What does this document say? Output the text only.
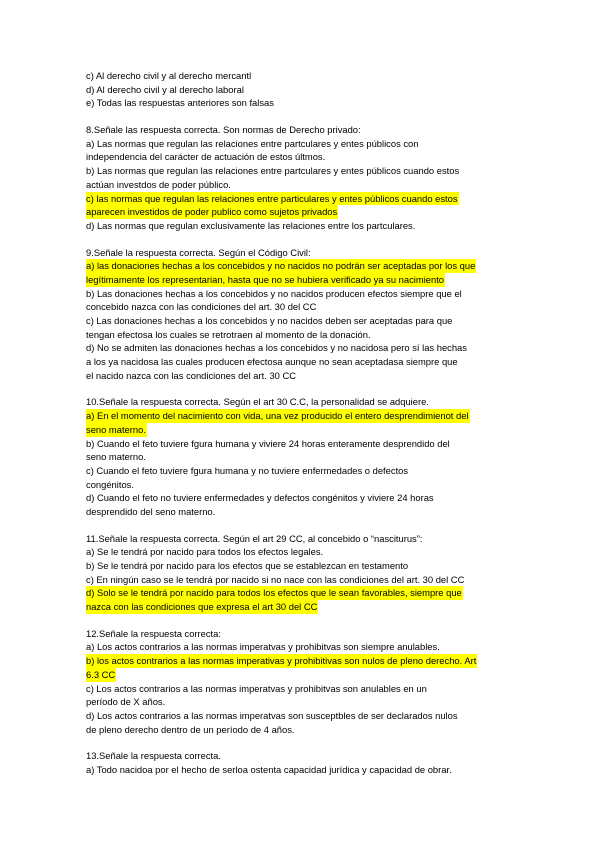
c) Al derecho civil y al derecho mercantl
d) Al derecho civil y al derecho laboral
e) Todas las respuestas anteriores son falsas
8.Señale las respuesta correcta. Son normas de Derecho privado:
a) Las normas que regulan las relaciones entre partculares y entes públicos con
independencia del carácter de actuación de estos últmos.
b) Las normas que regulan las relaciones entre partculares y entes públicos cuando estos
actúan investdos de poder público.
c) las normas que regulan las relaciones entre particulares y entes públicos cuando estos
aparecen investidos de poder publico como sujetos privados
d) Las normas que regulan exclusivamente las relaciones entre los partculares.
9.Señale la respuesta correcta. Según el Código Civil:
a) las donaciones hechas a los concebidos y no nacidos no podrán ser aceptadas por los que
legítimamente los representarian, hasta que no se hubiera verificado ya su nacimiento
b) Las donaciones hechas a los concebidos y no nacidos producen efectos siempre que el
concebido nazca con las condiciones del art. 30 del CC
c) Las donaciones hechas a los concebidos y no nacidos deben ser aceptadas para que
tengan efectosa los cuales se retrotraen al momento de la donación.
d) No se admiten las donaciones hechas a los concebidos y no nacidosa pero sí las hechas
a los ya nacidosa las cuales producen efectosa aunque no sean aceptadasa siempre que
el nacido nazca con las condiciones del art. 30 CC
10.Señale la respuesta correcta. Según el art 30 C.C, la personalidad se adquiere.
a) En el momento del nacimiento con vida, una vez producido el entero desprendimienot del
seno materno.
b) Cuando el feto tuviere fgura humana y viviere 24 horas enteramente desprendido del
seno materno.
c) Cuando el feto tuviere fgura humana y no tuviere enfermedades o defectos
congénitos.
d) Cuando el feto no tuviere enfermedades y defectos congénitos y viviere 24 horas
desprendido del seno materno.
11.Señale la respuesta correcta. Según el art 29 CC, al concebido o “nasciturus”:
a) Se le tendrá por nacido para todos los efectos legales.
b) Se le tendrá por nacido para los efectos que se establezcan en testamento
c) En ningún caso se le tendrá por nacido si no nace con las condiciones del art. 30 del CC
d) Solo se le tendrá por nacido para todos los efectos que le sean favorables, siempre que
nazca con las condiciones que expresa el art 30 del CC
12.Señale la respuesta correcta:
a) Los actos contrarios a las normas imperatvas y prohibitvas son siempre anulables.
b) los actos contrarios a las normas imperativas y prohibitivas son nulos de pleno derecho. Art
6.3 CC
c) Los actos contrarios a las normas imperatvas y prohibitvas son anulables en un
período de X años.
d) Los actos contrarios a las normas imperatvas son susceptbles de ser declarados nulos
de pleno derecho dentro de un período de 4 años.
13.Señale la respuesta correcta.
a) Todo nacidoa por el hecho de serloa ostenta capacidad jurídica y capacidad de obrar.
